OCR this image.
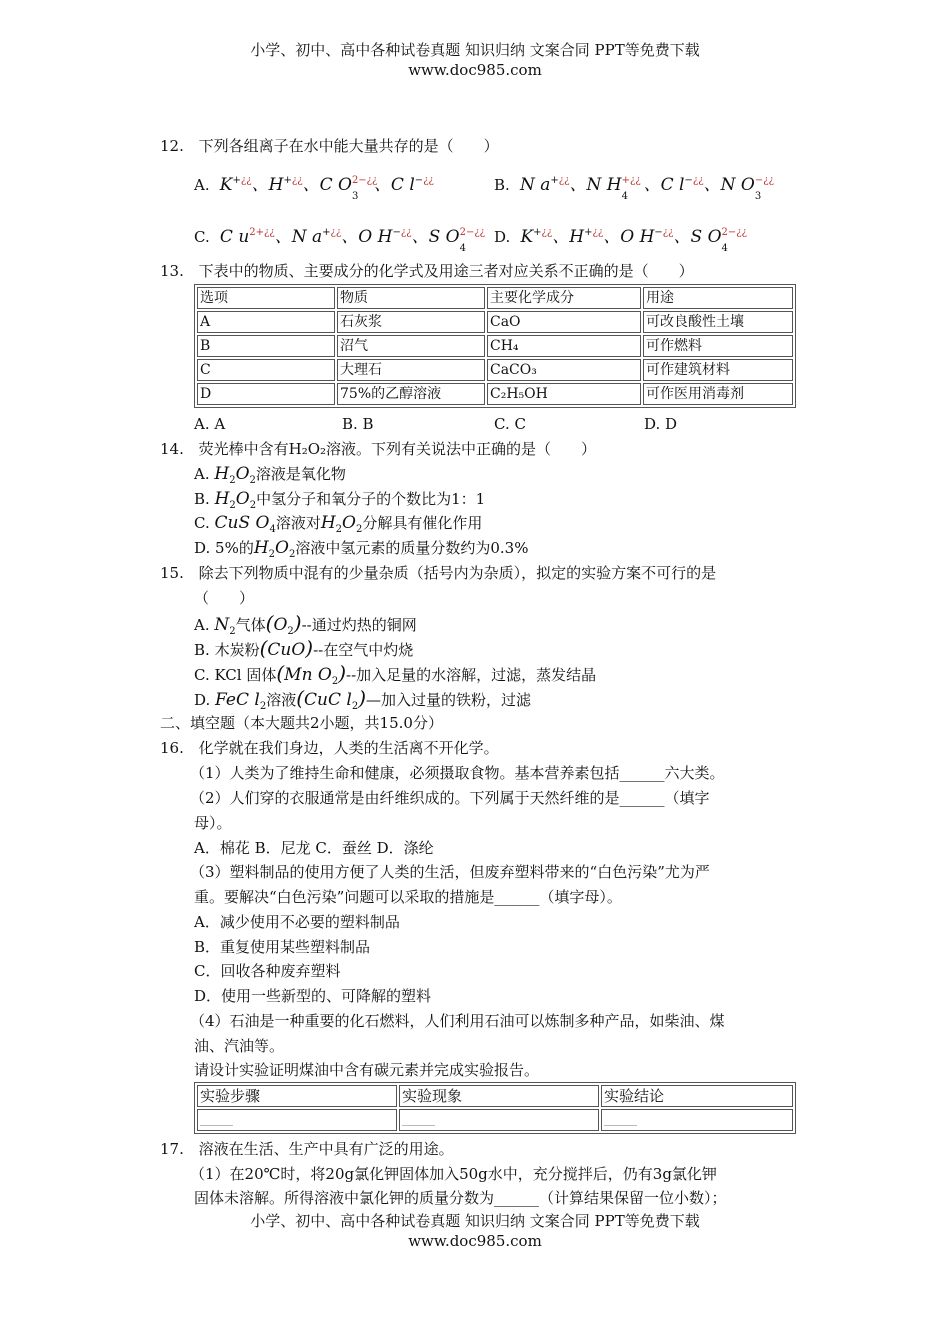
小学、初中、高中各种试卷真题 知识归纳 文案合同 PPT等免费下载
www.doc985.com
12. 下列各组离子在水中能大量共存的是（　　）
A.  K+¿¿、H+¿¿、C O 2−¿¿
3
、C l−¿¿	B.  N a+¿¿、N H +¿¿
4
、C l−¿¿、N O −¿¿
3
C.  C $u^{2+¿¿}$、N a+¿¿、O H−¿¿、S O 2−¿¿
4
D.  K+¿¿、H+¿¿、O H−¿¿、S O 2−¿¿
4
13. 下表中的物质、主要成分的化学式及用途三者对应关系不正确的是（　　）
选项	物质	主要化学成分	用途
A	石灰浆	CaO	可改良酸性土壤
B	沼气	CH₄	可作燃料
C	大理石	CaCO₃	可作建筑材料
D	75%的乙醇溶液	C₂H₅OH	可作医用消毒剂
A. A	B. B	C. C	D. D
14. 荧光棒中含有H₂O₂溶液。下列有关说法中正确的是（　　）
A. $H_2O_2$溶液是氧化物
B. $H_2O_2$中氢分子和氧分子的个数比为1：1
C. CuS $O_4$溶液对$H_2O_2$分解具有催化作用
D. 5%的$H_2O_2$溶液中氢元素的质量分数约为0.3%
15. 除去下列物质中混有的少量杂质（括号内为杂质），拟定的实验方案不可行的是
（　　）
A. $N_2$气体$(O_2)--$通过灼热的铜网
B. 木炭粉(CuO)--在空气中灼烧
C. KCl 固体(Mn $O_2)--$加入足量的水溶解，过滤，蒸发结晶
D. FeC $l_2$溶液(CuC $l_2)—$加入过量的铁粉，过滤
二、填空题（本大题共2小题，共15.0分）
16. 化学就在我们身边，人类的生活离不开化学。
（1）人类为了维持生命和健康，必须摄取食物。基本营养素包括______六大类。
（2）人们穿的衣服通常是由纤维织成的。下列属于天然纤维的是______（填字
母）。
A．棉花 B．尼龙 C．蚕丝 D．涤纶
（3）塑料制品的使用方便了人类的生活，但废弃塑料带来的“白色污染”尤为严
重。要解决“白色污染”问题可以采取的措施是______（填字母）。
A．减少使用不必要的塑料制品
B．重复使用某些塑料制品
C．回收各种废弃塑料
D．使用一些新型的、可降解的塑料
（4）石油是一种重要的化石燃料，人们利用石油可以炼制多种产品，如柴油、煤
油、汽油等。
请设计实验证明煤油中含有碳元素并完成实验报告。
实验步骤	实验现象	实验结论
______	______	______
17. 溶液在生活、生产中具有广泛的用途。
（1）在20℃时，将20g氯化钾固体加入50g水中，充分搅拌后，仍有3g氯化钾
固体未溶解。所得溶液中氯化钾的质量分数为______（计算结果保留一位小数）；
小学、初中、高中各种试卷真题 知识归纳 文案合同 PPT等免费下载
www.doc985.com
